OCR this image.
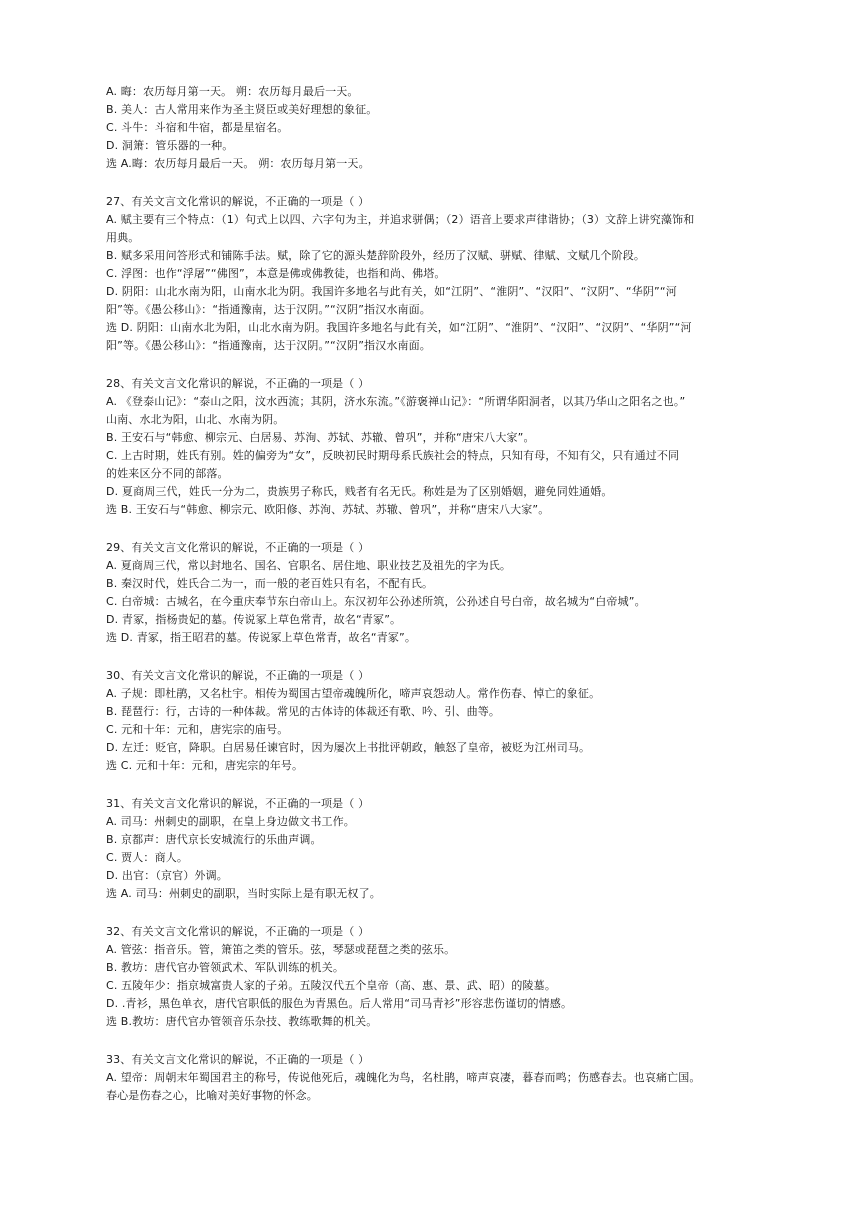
A. 晦：农历每月第一天。 朔：农历每月最后一天。
B. 美人：古人常用来作为圣主贤臣或美好理想的象征。
C. 斗牛：斗宿和牛宿，都是星宿名。
D. 洞箫：管乐器的一种。
选 A.晦：农历每月最后一天。 朔：农历每月第一天。
27、有关文言文化常识的解说，不正确的一项是（ ）
A. 赋主要有三个特点：（1）句式上以四、六字句为主，并追求骈偶；（2）语音上要求声律谐协；（3）文辞上讲究藻饰和
用典。
B. 赋多采用问答形式和铺陈手法。赋，除了它的源头楚辞阶段外，经历了汉赋、骈赋、律赋、文赋几个阶段。
C. 浮图：也作“浮屠”“佛图”，本意是佛或佛教徒，也指和尚、佛塔。
D. 阴阳：山北水南为阳，山南水北为阴。我国许多地名与此有关，如“江阴”、“淮阴”、“汉阳”、“汉阴”、“华阴”“河
阳”等。《愚公移山》：“指通豫南，达于汉阴。”“汉阴”指汉水南面。
选 D. 阴阳：山南水北为阳，山北水南为阴。我国许多地名与此有关，如“江阴”、“淮阴”、“汉阳”、“汉阴”、“华阴”“河
阳”等。《愚公移山》：“指通豫南，达于汉阴。”“汉阴”指汉水南面。
28、有关文言文化常识的解说，不正确的一项是（ ）
A. 《登泰山记》：“泰山之阳，汶水西流；其阴，济水东流。”《游褒禅山记》：“所谓华阳洞者，以其乃华山之阳名之也。”
山南、水北为阳，山北、水南为阴。
B. 王安石与“韩愈、柳宗元、白居易、苏洵、苏轼、苏辙、曾巩”，并称“唐宋八大家”。
C. 上古时期，姓氏有别。姓的偏旁为“女”，反映初民时期母系氏族社会的特点，只知有母，不知有父，只有通过不同
的姓来区分不同的部落。
D. 夏商周三代，姓氏一分为二，贵族男子称氏，贱者有名无氏。称姓是为了区别婚姻，避免同姓通婚。
选 B. 王安石与“韩愈、柳宗元、欧阳修、苏洵、苏轼、苏辙、曾巩”，并称“唐宋八大家”。
29、有关文言文化常识的解说，不正确的一项是（ ）
A. 夏商周三代，常以封地名、国名、官职名、居住地、职业技艺及祖先的字为氏。
B. 秦汉时代，姓氏合二为一，而一般的老百姓只有名，不配有氏。
C. 白帝城：古城名，在今重庆奉节东白帝山上。东汉初年公孙述所筑，公孙述自号白帝，故名城为“白帝城”。
D. 青冢，指杨贵妃的墓。传说冢上草色常青，故名“青冢”。
选 D. 青冢，指王昭君的墓。传说冢上草色常青，故名“青冢”。
30、有关文言文化常识的解说，不正确的一项是（ ）
A. 子规：即杜鹃，又名杜宇。相传为蜀国古望帝魂魄所化，啼声哀怨动人。常作伤春、悼亡的象征。
B. 琵琶行：行，古诗的一种体裁。常见的古体诗的体裁还有歌、吟、引、曲等。
C. 元和十年：元和，唐宪宗的庙号。
D. 左迁：贬官，降职。白居易任谏官时，因为屡次上书批评朝政，触怒了皇帝，被贬为江州司马。
选 C. 元和十年：元和，唐宪宗的年号。
31、有关文言文化常识的解说，不正确的一项是（ ）
A. 司马：州刺史的副职，在皇上身边做文书工作。
B. 京都声：唐代京长安城流行的乐曲声调。
C. 贾人：商人。
D. 出官：（京官）外调。
选 A. 司马：州刺史的副职，当时实际上是有职无权了。
32、有关文言文化常识的解说，不正确的一项是（ ）
A. 管弦：指音乐。管，箫笛之类的管乐。弦，琴瑟或琵琶之类的弦乐。
B. 教坊：唐代官办管领武术、军队训练的机关。
C. 五陵年少：指京城富贵人家的子弟。五陵汉代五个皇帝（高、惠、景、武、昭）的陵墓。
D. .青衫，黑色单衣，唐代官职低的服色为青黑色。后人常用“司马青衫”形容悲伤谨切的情感。
选 B.教坊：唐代官办管领音乐杂技、教练歌舞的机关。
33、有关文言文化常识的解说，不正确的一项是（ ）
A. 望帝：周朝末年蜀国君主的称号，传说他死后，魂魄化为鸟，名杜鹃，啼声哀凄，暮春而鸣；伤感春去。也哀痛亡国。
春心是伤春之心，比喻对美好事物的怀念。
